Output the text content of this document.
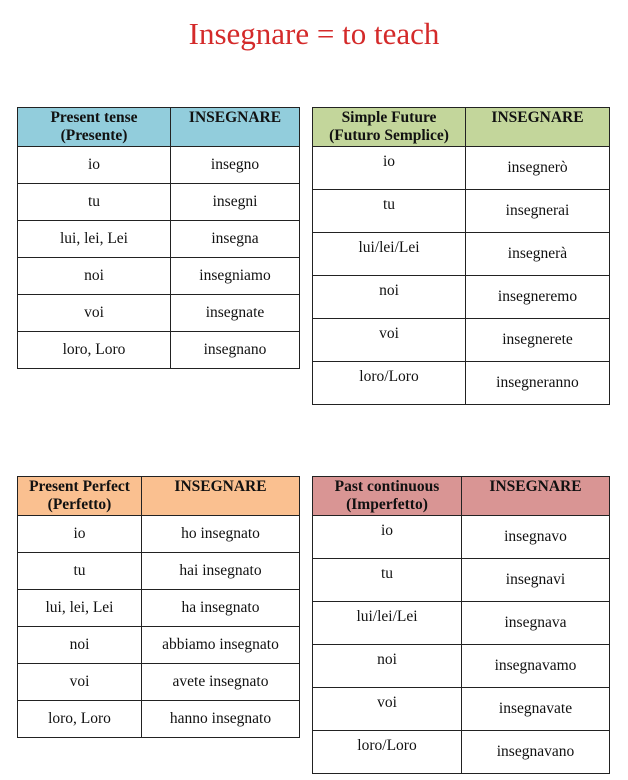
Insegnare = to teach
Present tense
(Presente)	INSEGNARE
io	insegno
tu	insegni
lui, lei, Lei	insegna
noi	insegniamo
voi	insegnate
loro, Loro	insegnano
Simple Future
(Futuro Semplice)	INSEGNARE
io	insegnerò
tu	insegnerai
lui/lei/Lei	insegnerà
noi	insegneremo
voi	insegnerete
loro/Loro	insegneranno
Present Perfect
(Perfetto)	INSEGNARE
io	ho insegnato
tu	hai insegnato
lui, lei, Lei	ha insegnato
noi	abbiamo insegnato
voi	avete insegnato
loro, Loro	hanno insegnato
Past continuous
(Imperfetto)	INSEGNARE
io	insegnavo
tu	insegnavi
lui/lei/Lei	insegnava
noi	insegnavamo
voi	insegnavate
loro/Loro	insegnavano
